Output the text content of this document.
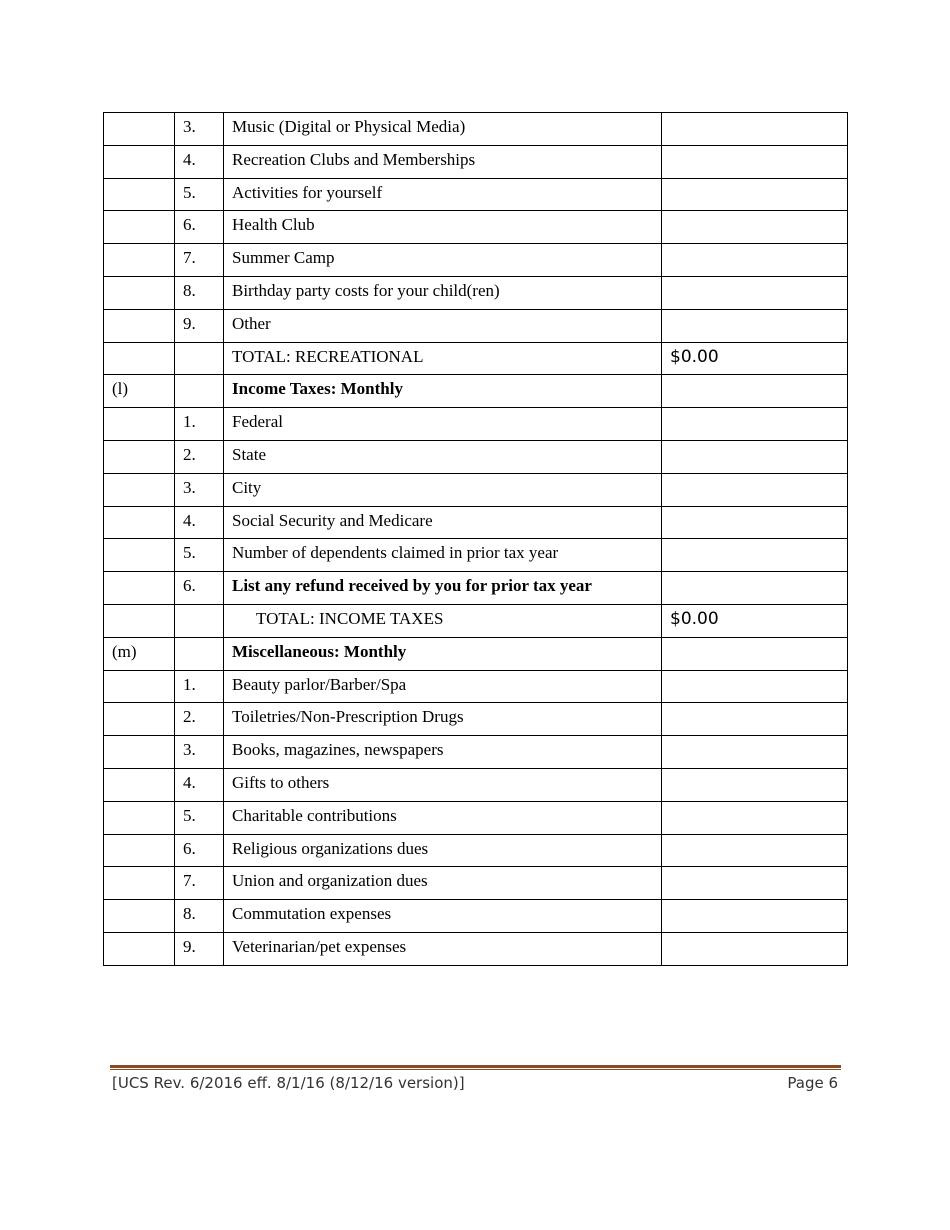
	3.	Music (Digital or Physical Media)	
	4.	Recreation Clubs and Memberships	
	5.	Activities for yourself	
	6.	Health Club	
	7.	Summer Camp	
	8.	Birthday party costs for your child(ren)	
	9.	Other	
		TOTAL: RECREATIONAL	$0.00
(l)		Income Taxes: Monthly	
	1.	Federal	
	2.	State	
	3.	City	
	4.	Social Security and Medicare	
	5.	Number of dependents claimed in prior tax year	
	6.	List any refund received by you for prior tax year	
		TOTAL: INCOME TAXES	$0.00
(m)		Miscellaneous: Monthly	
	1.	Beauty parlor/Barber/Spa	
	2.	Toiletries/Non-Prescription Drugs	
	3.	Books, magazines, newspapers	
	4.	Gifts to others	
	5.	Charitable contributions	
	6.	Religious organizations dues	
	7.	Union and organization dues	
	8.	Commutation expenses	
	9.	Veterinarian/pet expenses	
[UCS Rev. 6/2016 eff. 8/1/16 (8/12/16 version)]	Page 6
